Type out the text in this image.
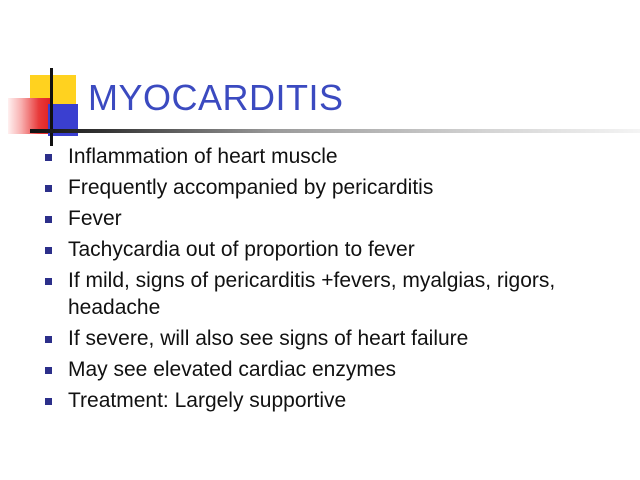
MYOCARDITIS
Inflammation of heart muscle
Frequently accompanied by pericarditis
Fever
Tachycardia out of proportion to fever
If mild, signs of pericarditis +fevers, myalgias, rigors, headache
If severe, will also see signs of heart failure
May see elevated cardiac enzymes
Treatment: Largely supportive
